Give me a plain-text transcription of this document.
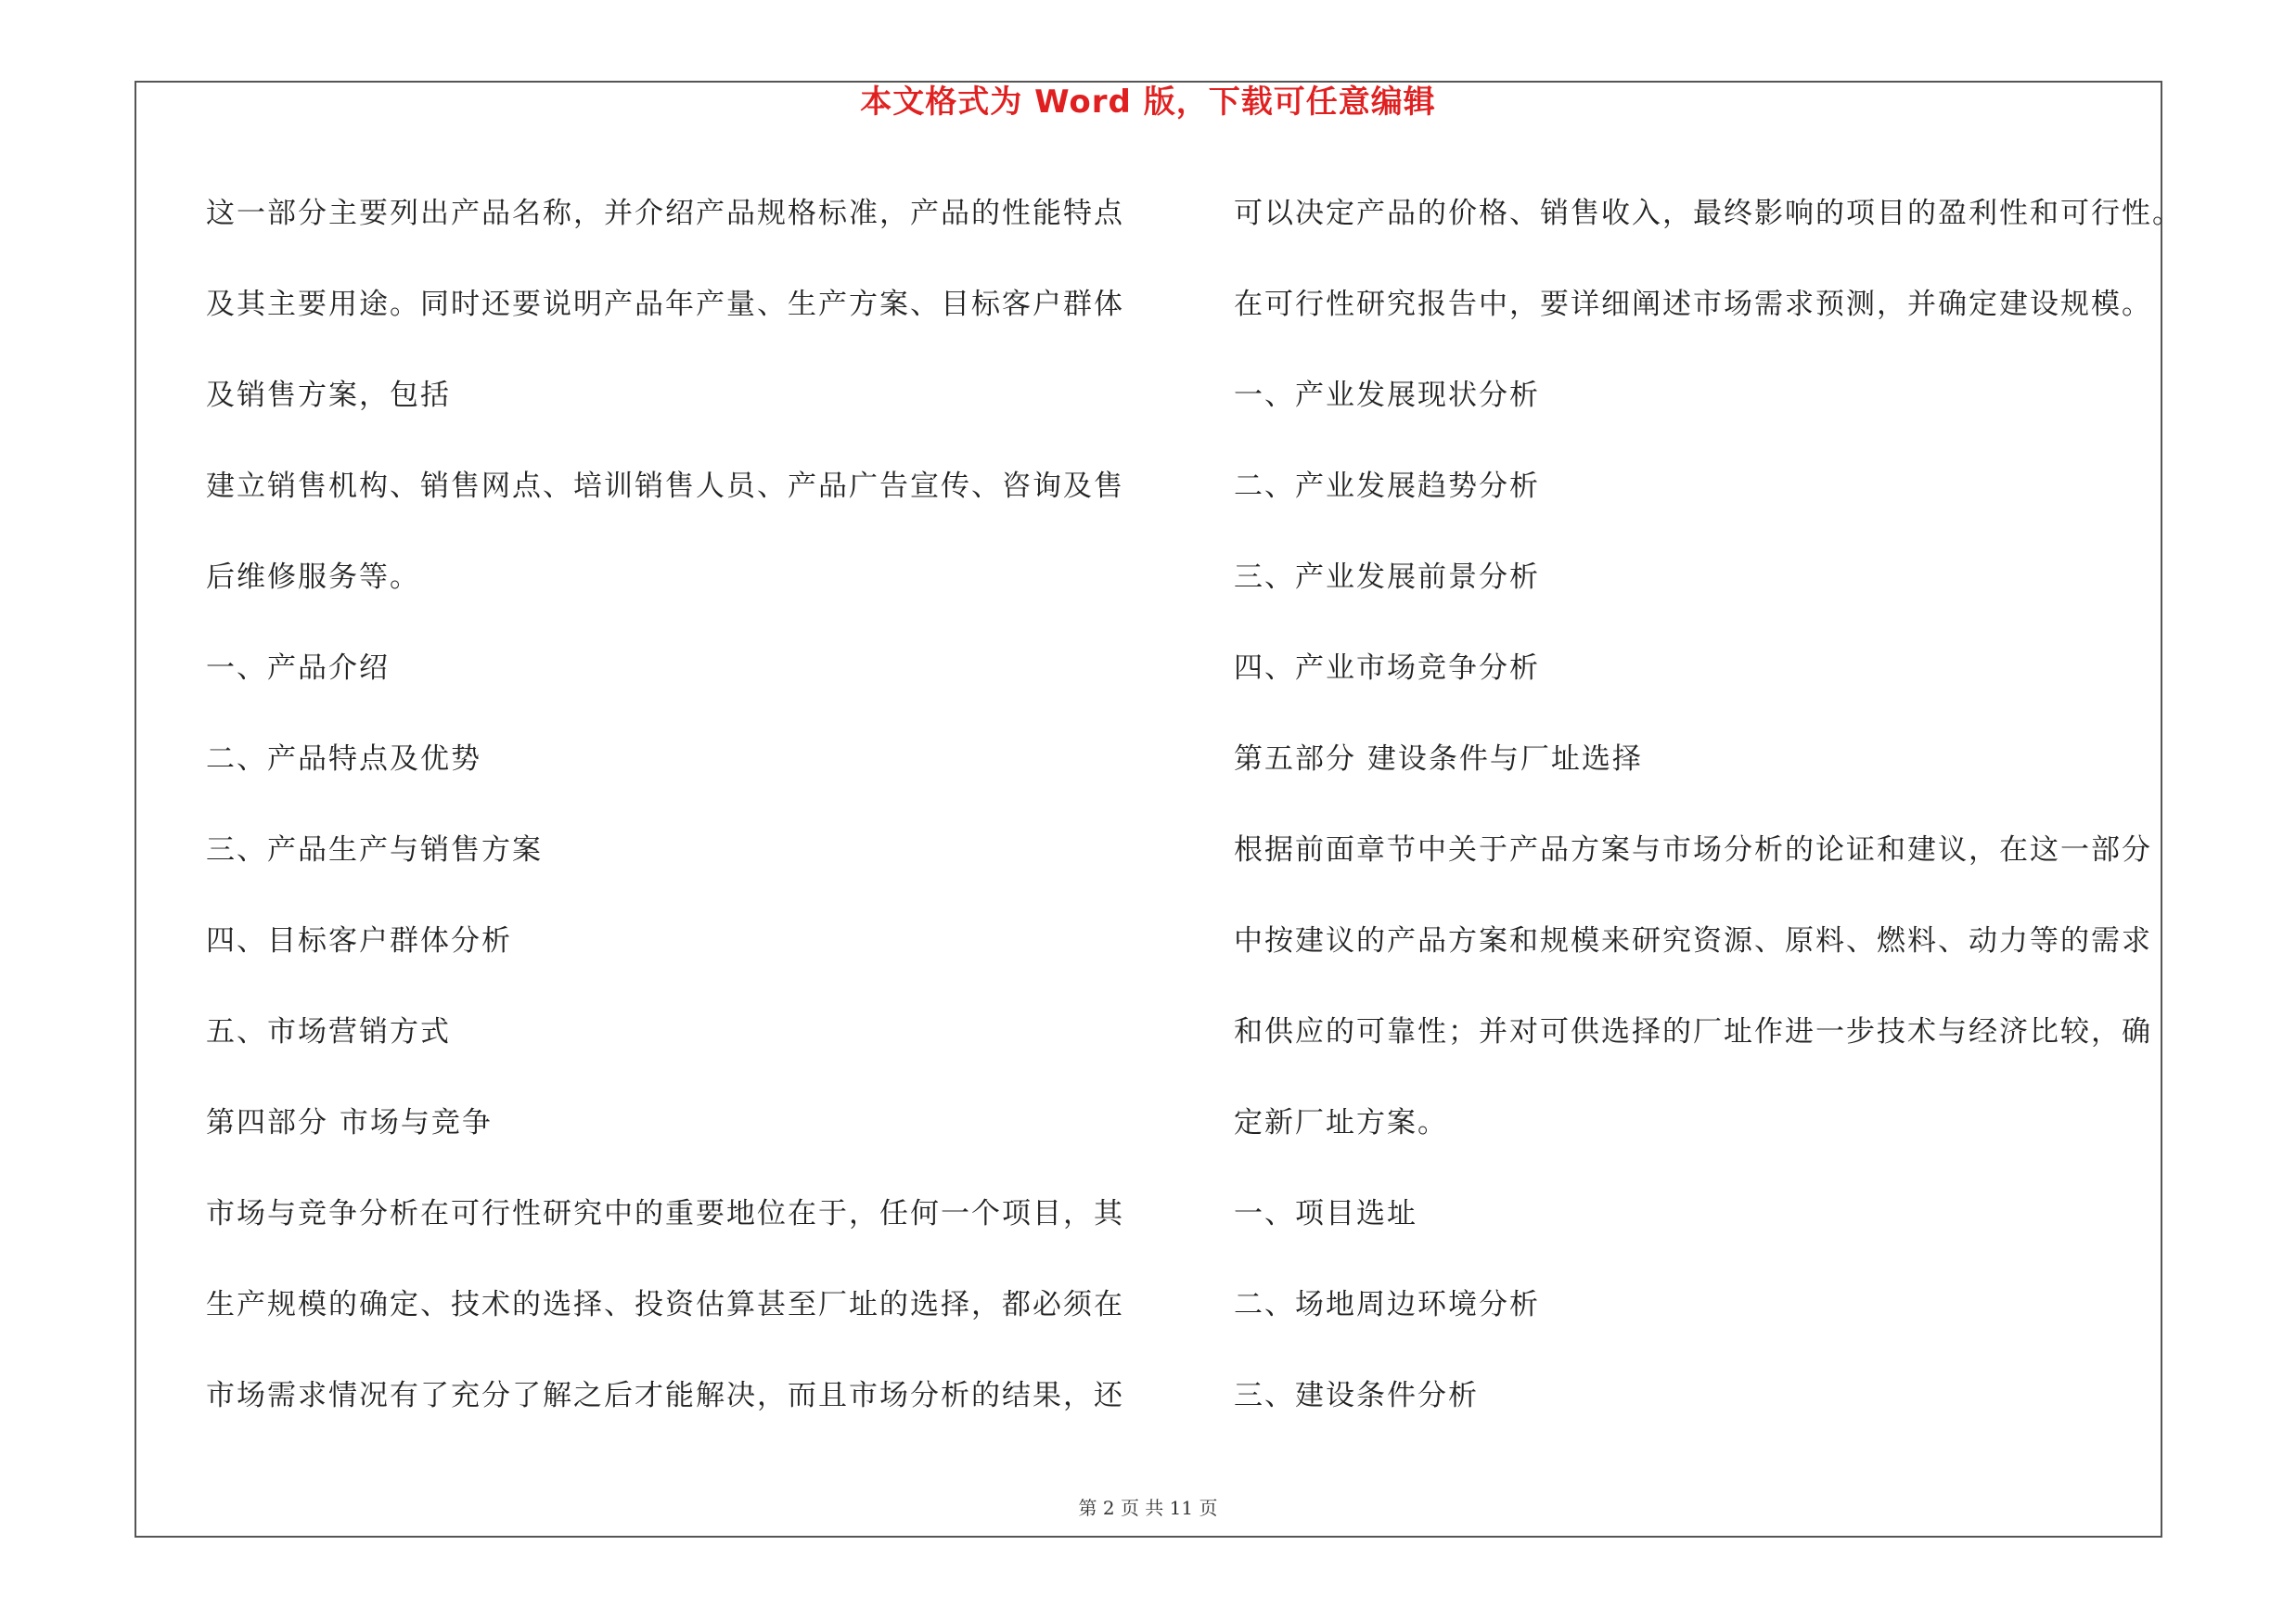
本文格式为 Word 版，下载可任意编辑
这一部分主要列出产品名称，并介绍产品规格标准，产品的性能特点
及其主要用途。同时还要说明产品年产量、生产方案、目标客户群体
及销售方案，包括
建立销售机构、销售网点、培训销售人员、产品广告宣传、咨询及售
后维修服务等。
一、产品介绍
二、产品特点及优势
三、产品生产与销售方案
四、目标客户群体分析
五、市场营销方式
第四部分 市场与竞争
市场与竞争分析在可行性研究中的重要地位在于，任何一个项目，其
生产规模的确定、技术的选择、投资估算甚至厂址的选择，都必须在
市场需求情况有了充分了解之后才能解决，而且市场分析的结果，还
可以决定产品的价格、销售收入，最终影响的项目的盈利性和可行性。
在可行性研究报告中，要详细阐述市场需求预测，并确定建设规模。
一、产业发展现状分析
二、产业发展趋势分析
三、产业发展前景分析
四、产业市场竞争分析
第五部分 建设条件与厂址选择
根据前面章节中关于产品方案与市场分析的论证和建议，在这一部分
中按建议的产品方案和规模来研究资源、原料、燃料、动力等的需求
和供应的可靠性；并对可供选择的厂址作进一步技术与经济比较，确
定新厂址方案。
一、项目选址
二、场地周边环境分析
三、建设条件分析
第 2 页 共 11 页
